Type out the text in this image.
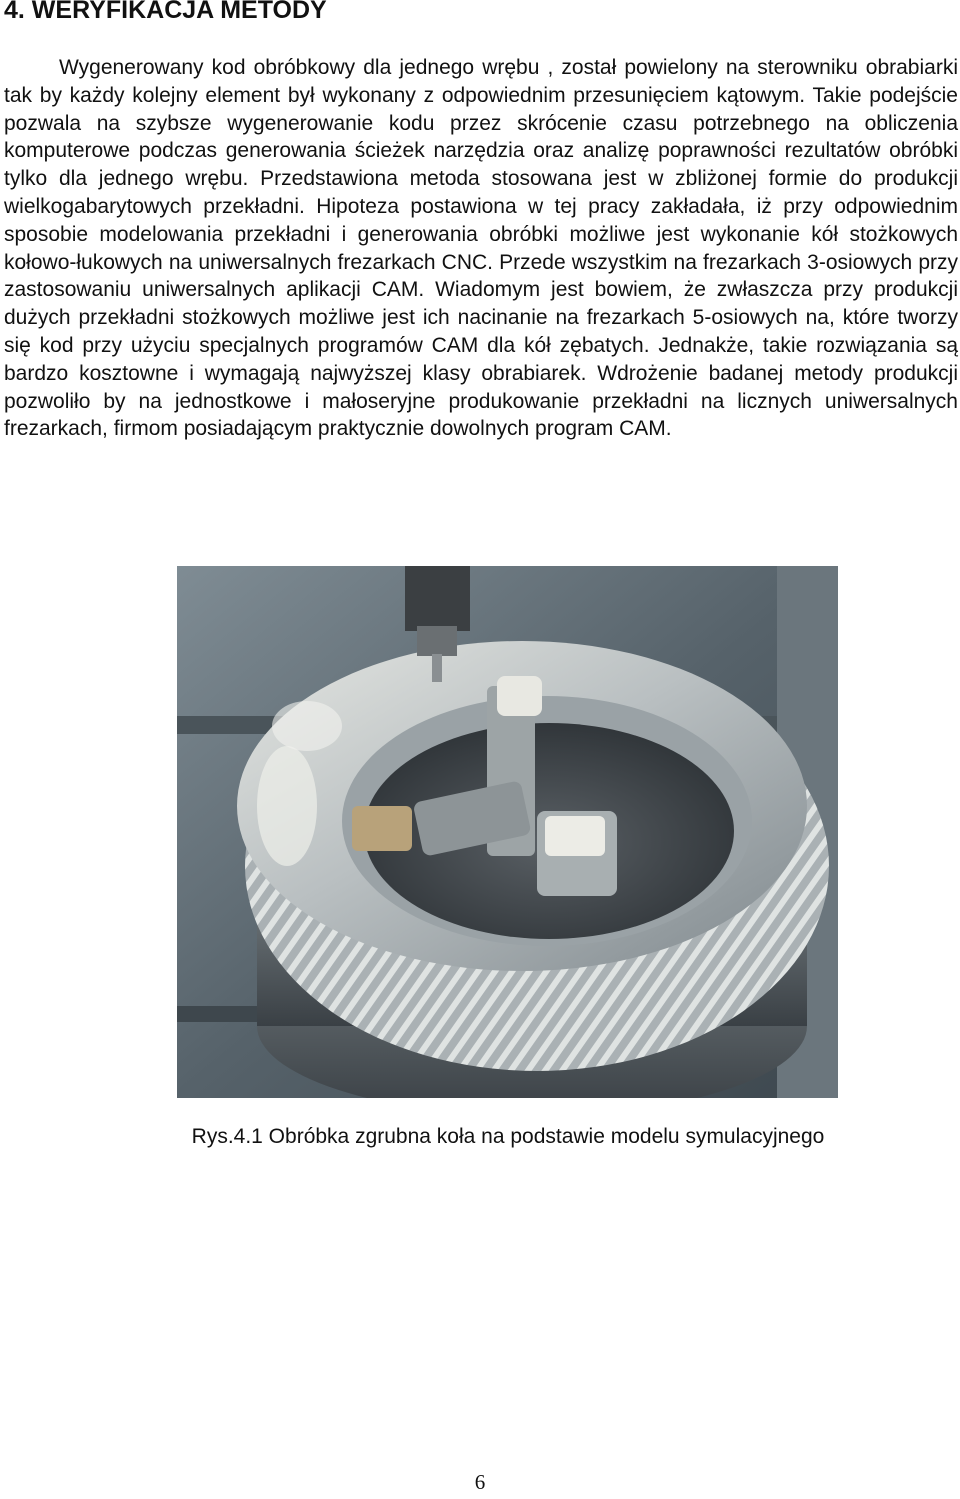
4. WERYFIKACJA METODY

Wygenerowany kod obróbkowy dla jednego wrębu , został powielony na sterowniku obrabiarki tak by każdy kolejny element był wykonany z odpowiednim przesunięciem kątowym. Takie podejście pozwala na szybsze wygenerowanie kodu przez skrócenie czasu potrzebnego na obliczenia komputerowe podczas generowania ścieżek narzędzia oraz analizę poprawności rezultatów obróbki tylko dla jednego wrębu. Przedstawiona metoda stosowana jest w zbliżonej formie do produkcji wielkogabarytowych przekładni. Hipoteza postawiona w tej pracy zakładała, iż przy odpowiednim sposobie modelowania przekładni i generowania obróbki możliwe jest wykonanie kół stożkowych kołowo-łukowych na uniwersalnych frezarkach CNC. Przede wszystkim na frezarkach 3-osiowych przy zastosowaniu uniwersalnych aplikacji CAM. Wiadomym jest bowiem, że zwłaszcza przy produkcji dużych przekładni stożkowych możliwe jest ich nacinanie na frezarkach 5-osiowych na, które tworzy się kod przy użyciu specjalnych programów CAM dla kół zębatych. Jednakże, takie rozwiązania są bardzo kosztowne i wymagają najwyższej klasy obrabiarek. Wdrożenie badanej metody produkcji pozwoliło by na jednostkowe i małoseryjne produkowanie przekładni na licznych uniwersalnych frezarkach, firmom posiadającym praktycznie dowolnych program CAM.

Rys.4.1 Obróbka zgrubna koła na podstawie modelu symulacyjnego
6
